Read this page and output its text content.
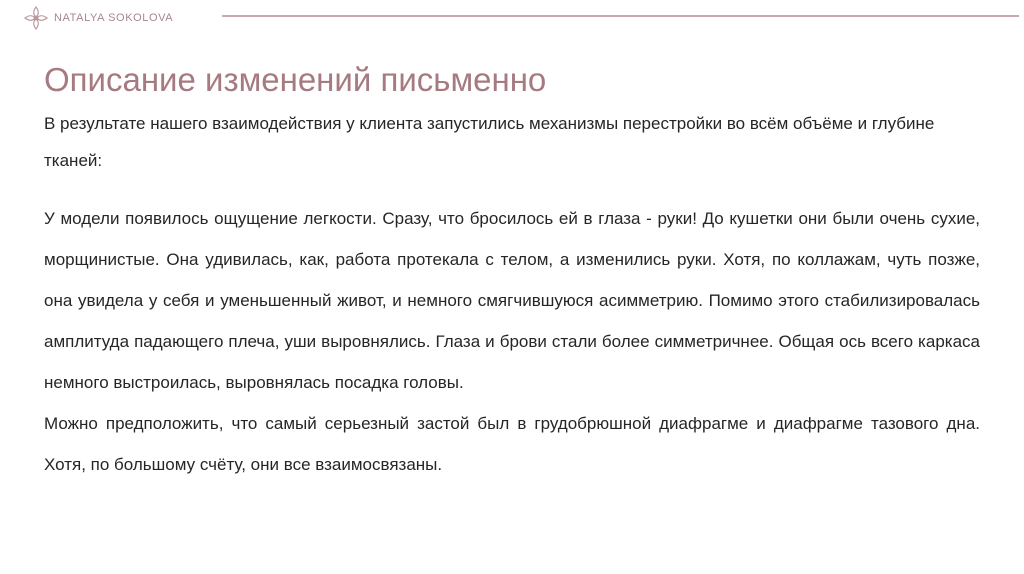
NATALYA SOKOLOVA
Описание изменений письменно

В результате нашего взаимодействия у клиента запустились механизмы перестройки во всём объёме и глубине тканей:

У модели появилось ощущение легкости. Сразу, что бросилось ей в глаза - руки! До кушетки они были очень сухие, морщинистые. Она удивилась, как, работа протекала с телом, а изменились руки. Хотя, по коллажам, чуть позже, она увидела у себя и уменьшенный живот, и немного смягчившуюся асимметрию. Помимо этого стабилизировалась амплитуда падающего плеча, уши выровнялись. Глаза и брови стали более симметричнее. Общая ось всего каркаса немного выстроилась, выровнялась посадка головы.
Можно предположить, что самый серьезный застой был в грудобрюшной диафрагме и диафрагме тазового дна. Хотя, по большому счёту, они все взаимосвязаны.
